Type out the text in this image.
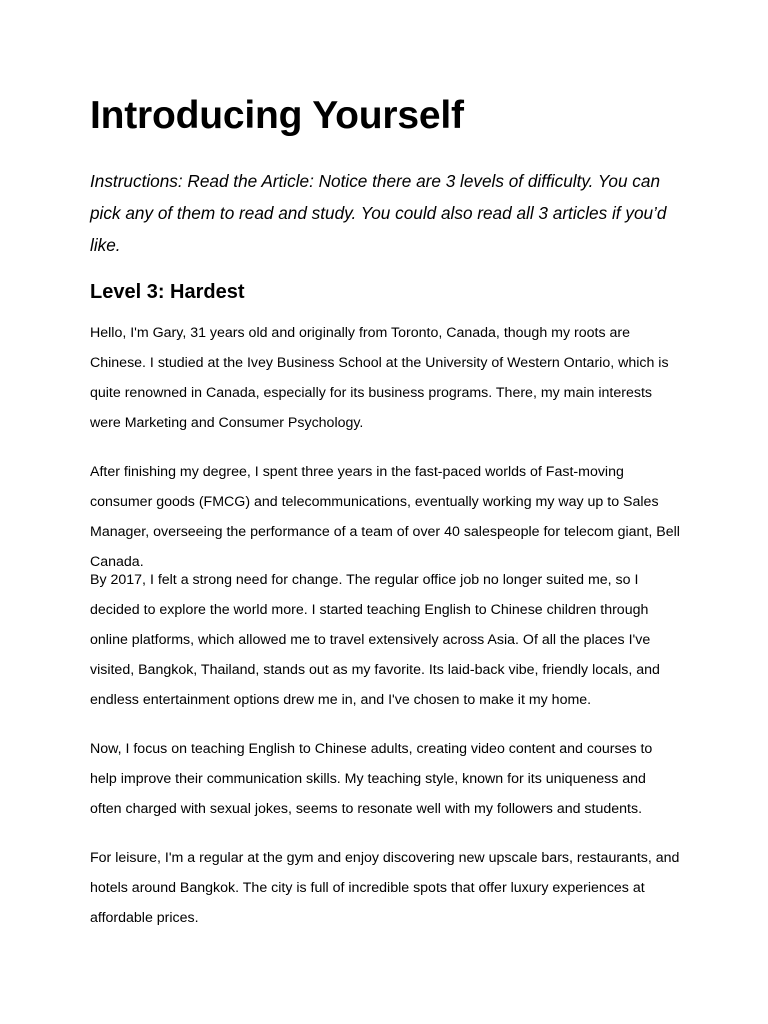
Introducing Yourself

Instructions: Read the Article: Notice there are 3 levels of difficulty. You can pick any of them to read and study. You could also read all 3 articles if you’d like.

Level 3: Hardest

Hello, I'm Gary, 31 years old and originally from Toronto, Canada, though my roots are Chinese. I studied at the Ivey Business School at the University of Western Ontario, which is quite renowned in Canada, especially for its business programs. There, my main interests were Marketing and Consumer Psychology.

After finishing my degree, I spent three years in the fast-paced worlds of Fast-moving consumer goods (FMCG) and telecommunications, eventually working my way up to Sales Manager, overseeing the performance of a team of over 40 salespeople for telecom giant, Bell Canada.

By 2017, I felt a strong need for change. The regular office job no longer suited me, so I decided to explore the world more. I started teaching English to Chinese children through online platforms, which allowed me to travel extensively across Asia. Of all the places I've visited, Bangkok, Thailand, stands out as my favorite. Its laid-back vibe, friendly locals, and endless entertainment options drew me in, and I've chosen to make it my home.

Now, I focus on teaching English to Chinese adults, creating video content and courses to help improve their communication skills. My teaching style, known for its uniqueness and often charged with sexual jokes, seems to resonate well with my followers and students.

For leisure, I'm a regular at the gym and enjoy discovering new upscale bars, restaurants, and hotels around Bangkok. The city is full of incredible spots that offer luxury experiences at affordable prices.
